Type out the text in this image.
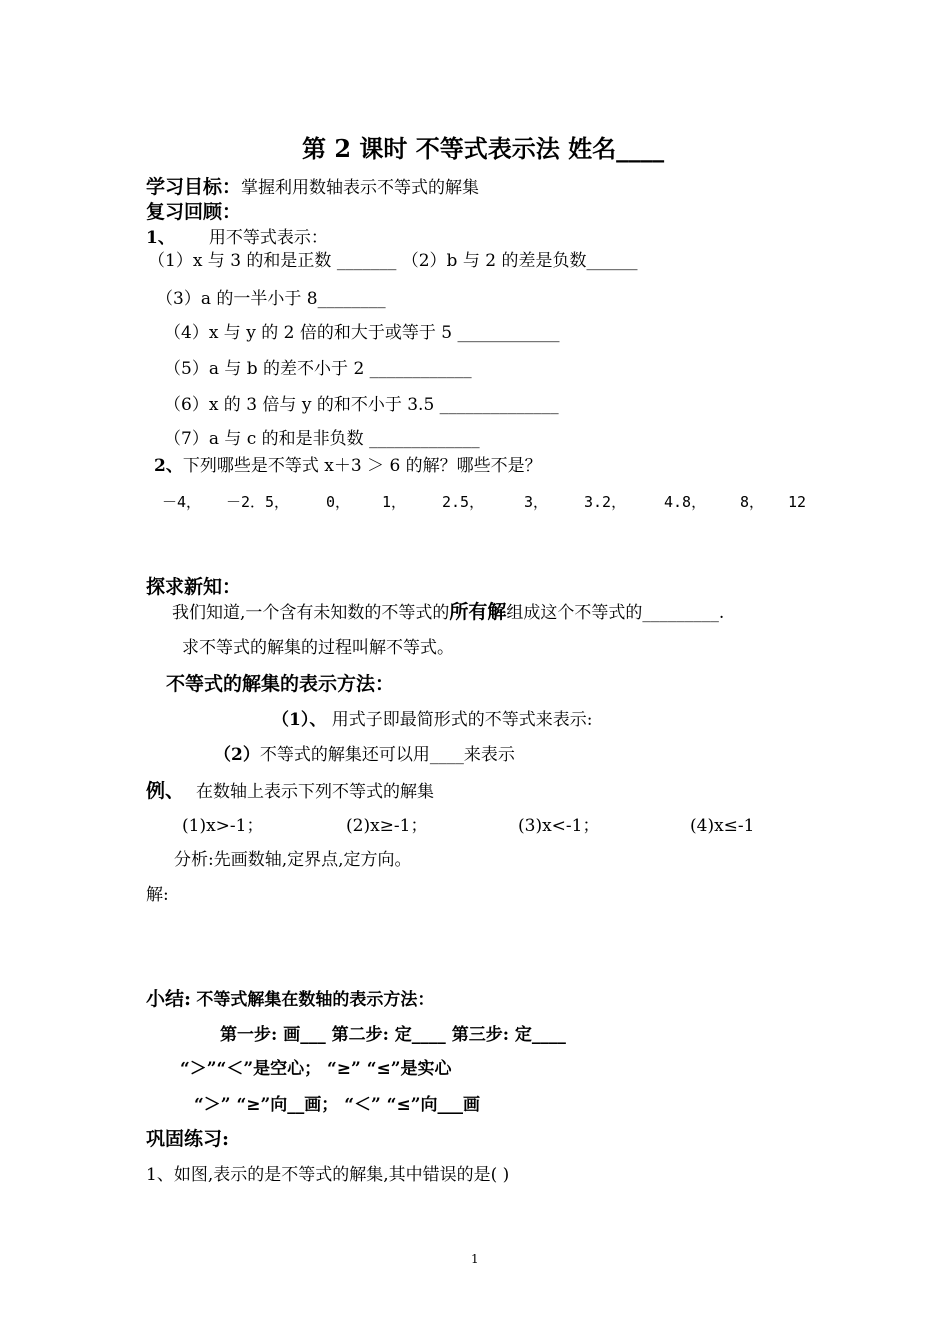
第 2 课时 不等式表示法 姓名____
学习目标：掌握利用数轴表示不等式的解集
复习回顾：
1、 用不等式表示：
（1）x 与 3 的和是正数 _______ （2）b 与 2 的差是负数______
（3）a 的一半小于 8________
（4）x 与 y 的 2 倍的和大于或等于 5 ____________
（5）a 与 b 的差不小于 2 ____________
（6）x 的 3 倍与 y 的和不小于 3.5 ______________
（7）a 与 c 的和是非负数 _____________
2、下列哪些是不等式 x＋3 ＞ 6 的解？哪些不是？
－4， －2．5， 0， 1， 2.5，	3， 3.2，	4.8， 8， 12
探求新知：
我们知道,一个含有未知数的不等式的所有解组成这个不等式的_________.
求不等式的解集的过程叫解不等式。
不等式的解集的表示方法：
（1）、 用式子即最简形式的不等式来表示:
（2）不等式的解集还可以用____来表示
例、 在数轴上表示下列不等式的解集
(1)x>-1；	(2)x≥-1；	(3)x<-1；	(4)x≤-1
分析:先画数轴,定界点,定方向。
解:
小结: 不等式解集在数轴的表示方法：
第一步: 画___ 第二步: 定____ 第三步: 定____
“＞”“＜”是空心； “≥” “≤”是实心
“＞” “≥”向__画； “＜” “≤”向___画
巩固练习:
1、如图,表示的是不等式的解集,其中错误的是( )
1
